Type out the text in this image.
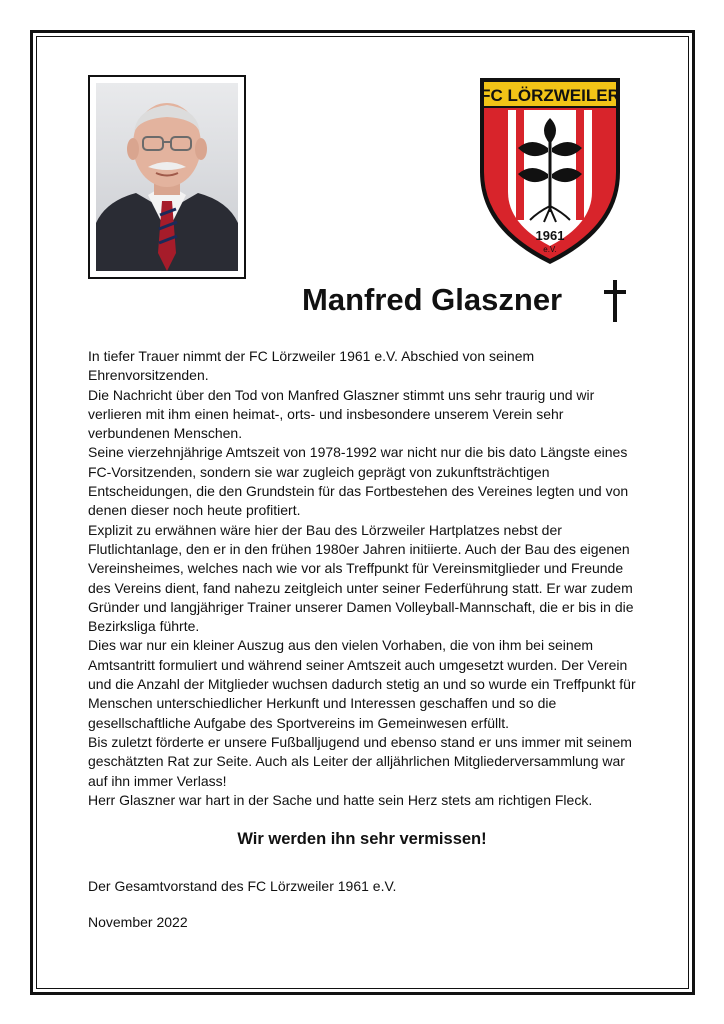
FC LÖRZWEILER
1961
e.V.
Manfred Glaszner

In tiefer Trauer nimmt der FC Lörzweiler 1961 e.V. Abschied von seinem Ehrenvorsitzenden.

Die Nachricht über den Tod von Manfred Glaszner stimmt uns sehr traurig und wir verlieren mit ihm einen heimat-, orts- und insbesondere unserem Verein sehr verbundenen Menschen.

Seine vierzehnjährige Amtszeit von 1978-1992 war nicht nur die bis dato Längste eines FC-Vorsitzenden, sondern sie war zugleich geprägt von zukunftsträchtigen Entscheidungen, die den Grundstein für das Fortbestehen des Vereines legten und von denen dieser noch heute profitiert.

Explizit zu erwähnen wäre hier der Bau des Lörzweiler Hartplatzes nebst der Flutlichtanlage, den er in den frühen 1980er Jahren initiierte. Auch der Bau des eigenen Vereinsheimes, welches nach wie vor als Treffpunkt für Vereinsmitglieder und Freunde des Vereins dient, fand nahezu zeitgleich unter seiner Federführung statt. Er war zudem Gründer und langjähriger Trainer unserer Damen Volleyball-Mannschaft, die er bis in die Bezirksliga führte.

Dies war nur ein kleiner Auszug aus den vielen Vorhaben, die von ihm bei seinem Amtsantritt formuliert und während seiner Amtszeit auch umgesetzt wurden. Der Verein und die Anzahl der Mitglieder wuchsen dadurch stetig an und so wurde ein Treffpunkt für Menschen unterschiedlicher Herkunft und Interessen geschaffen und so die gesellschaftliche Aufgabe des Sportvereins im Gemeinwesen erfüllt.

Bis zuletzt förderte er unsere Fußballjugend und ebenso stand er uns immer mit seinem geschätzten Rat zur Seite. Auch als Leiter der alljährlichen Mitgliederversammlung war auf ihn immer Verlass!

Herr Glaszner war hart in der Sache und hatte sein Herz stets am richtigen Fleck.

Wir werden ihn sehr vermissen!

Der Gesamtvorstand des FC Lörzweiler 1961 e.V.

November 2022
